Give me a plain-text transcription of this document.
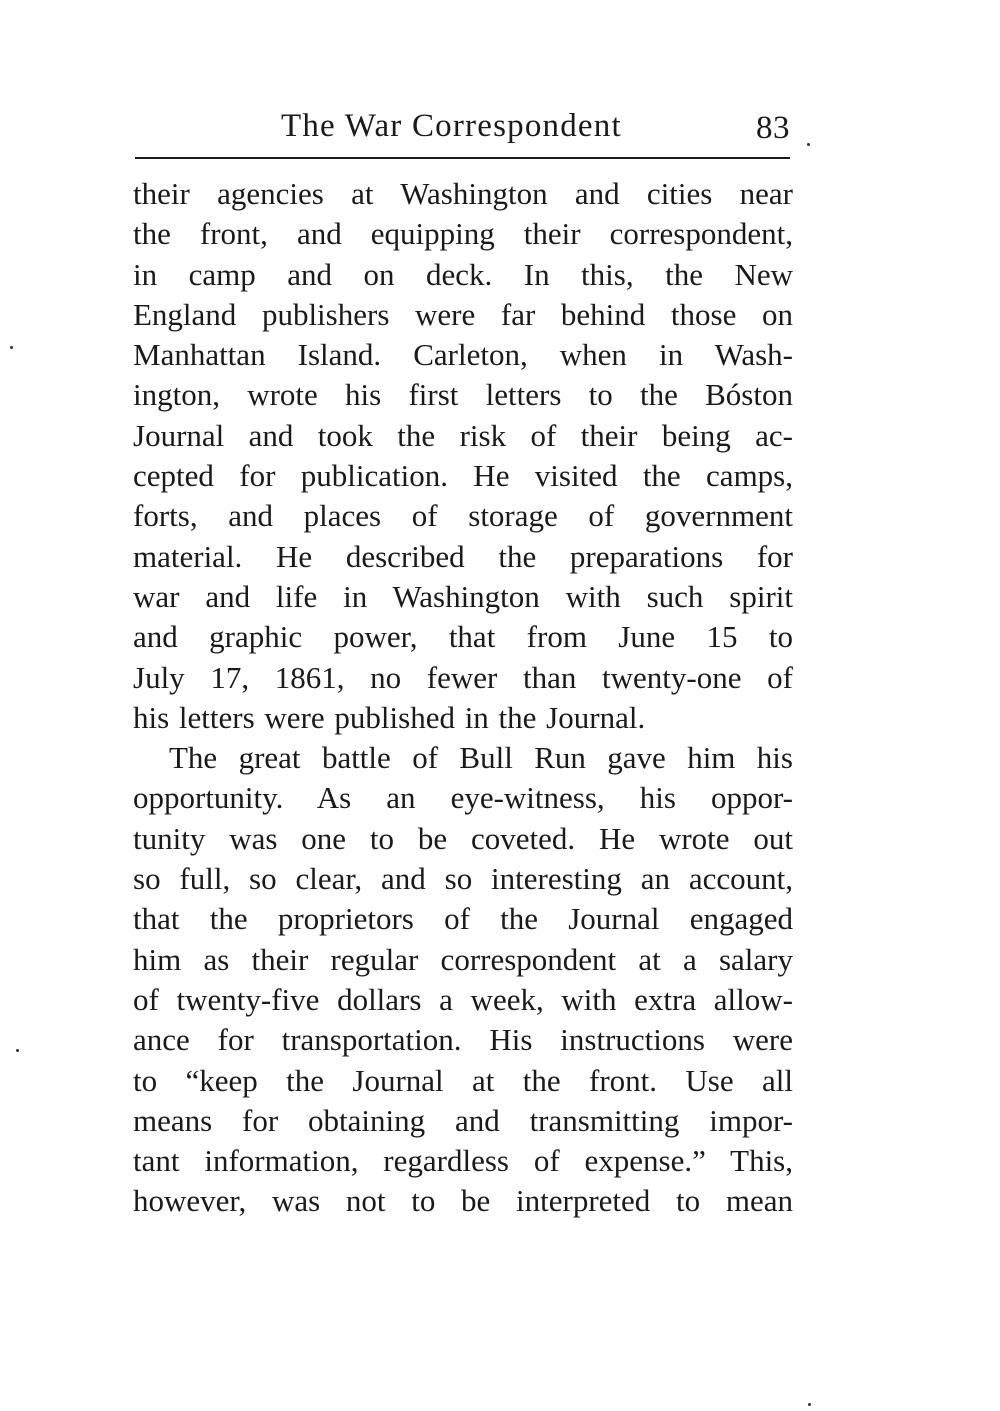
The War Correspondent	83
their agencies at Washington and cities near
the front, and equipping their correspondent,
in camp and on deck. In this, the New
England publishers were far behind those on
Manhattan Island. Carleton, when in Wash-
ington, wrote his first letters to the Bóston
Journal and took the risk of their being ac-
cepted for publication. He visited the camps,
forts, and places of storage of government
material. He described the preparations for
war and life in Washington with such spirit
and graphic power, that from June 15 to
July 17, 1861, no fewer than twenty-one of
his letters were published in the Journal.
The great battle of Bull Run gave him his
opportunity. As an eye-witness, his oppor-
tunity was one to be coveted. He wrote out
so full, so clear, and so interesting an account,
that the proprietors of the Journal engaged
him as their regular correspondent at a salary
of twenty-five dollars a week, with extra allow-
ance for transportation. His instructions were
to “keep the Journal at the front. Use all
means for obtaining and transmitting impor-
tant information, regardless of expense.” This,
however, was not to be interpreted to mean
